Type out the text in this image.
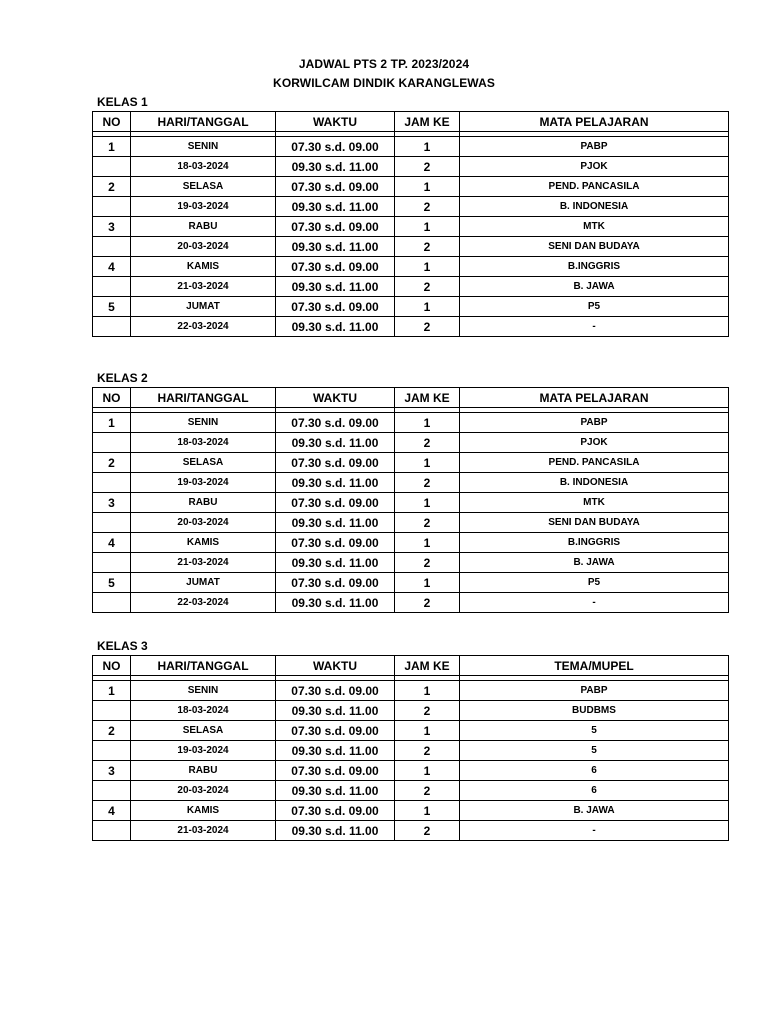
JADWAL PTS 2 TP. 2023/2024
KORWILCAM DINDIK KARANGLEWAS
KELAS 1
NO	HARI/TANGGAL	WAKTU	JAM KE	MATA PELAJARAN

1	SENIN	07.30 s.d. 09.00	1	PABP
	18-03-2024	09.30 s.d. 11.00	2	PJOK
2	SELASA	07.30 s.d. 09.00	1	PEND. PANCASILA
	19-03-2024	09.30 s.d. 11.00	2	B. INDONESIA
3	RABU	07.30 s.d. 09.00	1	MTK
	20-03-2024	09.30 s.d. 11.00	2	SENI DAN BUDAYA
4	KAMIS	07.30 s.d. 09.00	1	B.INGGRIS
	21-03-2024	09.30 s.d. 11.00	2	B. JAWA
5	JUMAT	07.30 s.d. 09.00	1	P5
	22-03-2024	09.30 s.d. 11.00	2	-
KELAS 2
NO	HARI/TANGGAL	WAKTU	JAM KE	MATA PELAJARAN

1	SENIN	07.30 s.d. 09.00	1	PABP
	18-03-2024	09.30 s.d. 11.00	2	PJOK
2	SELASA	07.30 s.d. 09.00	1	PEND. PANCASILA
	19-03-2024	09.30 s.d. 11.00	2	B. INDONESIA
3	RABU	07.30 s.d. 09.00	1	MTK
	20-03-2024	09.30 s.d. 11.00	2	SENI DAN BUDAYA
4	KAMIS	07.30 s.d. 09.00	1	B.INGGRIS
	21-03-2024	09.30 s.d. 11.00	2	B. JAWA
5	JUMAT	07.30 s.d. 09.00	1	P5
	22-03-2024	09.30 s.d. 11.00	2	-
KELAS 3
NO	HARI/TANGGAL	WAKTU	JAM KE	TEMA/MUPEL

1	SENIN	07.30 s.d. 09.00	1	PABP
	18-03-2024	09.30 s.d. 11.00	2	BUDBMS
2	SELASA	07.30 s.d. 09.00	1	5
	19-03-2024	09.30 s.d. 11.00	2	5
3	RABU	07.30 s.d. 09.00	1	6
	20-03-2024	09.30 s.d. 11.00	2	6
4	KAMIS	07.30 s.d. 09.00	1	B. JAWA
	21-03-2024	09.30 s.d. 11.00	2	-
